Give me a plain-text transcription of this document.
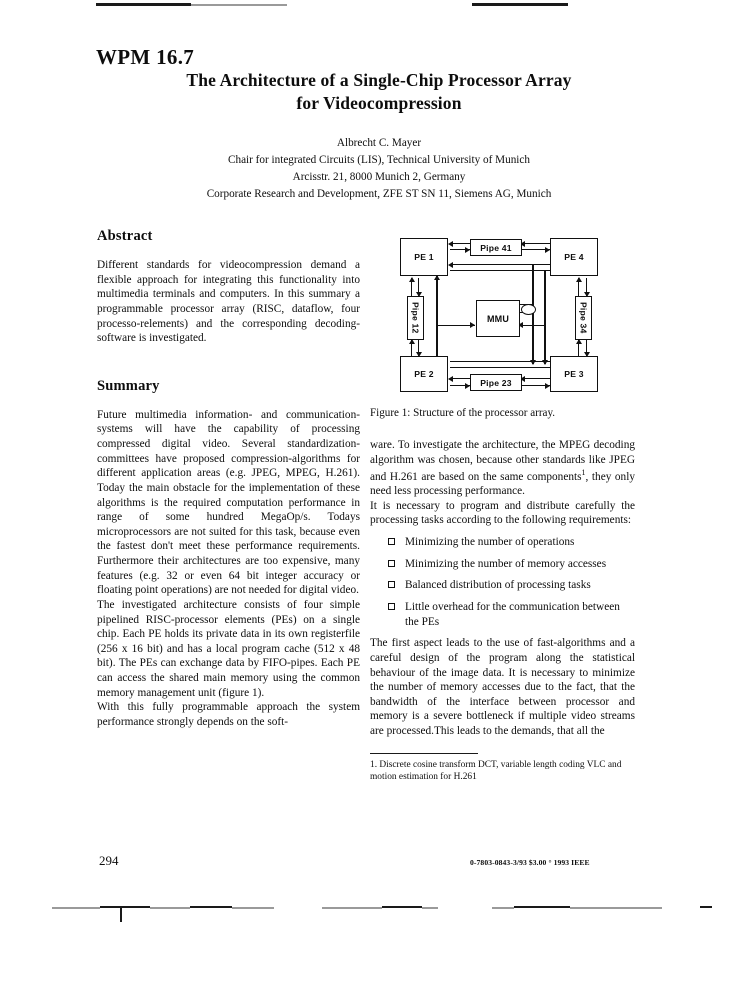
WPM 16.7
The Architecture of a Single-Chip Processor Array
for Videocompression
Albrecht C. Mayer
Chair for integrated Circuits (LIS), Technical University of Munich
Arcisstr. 21, 8000 Munich 2, Germany
Corporate Research and Development, ZFE ST SN 11, Siemens AG, Munich
Abstract

Different standards for videocompression demand a flexible approach for integrating this functionality into multimedia terminals and computers. In this summary a programmable processor array (RISC, dataflow, four processo-relements) and the corresponding decoding-software is investigated.

Summary

Future multimedia information- and communication-systems will have the capability of processing compressed digital video. Several standardization-committees have proposed compression-algorithms for different application areas (e.g. JPEG, MPEG, H.261). Today the main obstacle for the implementation of these algorithms is the required computation performance in range of some hundred MegaOp/s. Todays microprocessors are not suited for this task, because even the fastest don't meet these performance requirements. Furthermore their architectures are too expensive, many features (e.g. 32 or even 64 bit integer accuracy or floating point operations) are not needed for digital video.

The investigated architecture consists of four simple pipelined RISC-processor elements (PEs) on a single chip. Each PE holds its private data in its own registerfile (256 x 16 bit) and has a local program cache (512 x 48 bit). The PEs can exchange data by FIFO-pipes. Each PE can access the shared main memory using the common memory management unit (figure 1).

With this fully programmable approach the system performance strongly depends on the soft-

PE 1	PE 4
PE 2	PE 3
Pipe 41
Pipe 23
Pipe 12	Pipe 34
MMU
Figure 1: Structure of the processor array.

ware. To investigate the architecture, the MPEG decoding algorithm was chosen, because other standards like JPEG and H.261 are based on the same components$^1$, they only need less processing performance.

It is necessary to program and distribute carefully the processing tasks according to the following requirements:

Minimizing the number of operations
Minimizing the number of memory accesses
Balanced distribution of processing tasks
Little overhead for the communication between the PEs

The first aspect leads to the use of fast-algorithms and a careful design of the program along the statistical behaviour of the image data. It is necessary to minimize the number of memory accesses due to the fact, that the bandwidth of the interface between processor and memory is a severe bottleneck if multiple video streams are processed.This leads to the demands, that all the

1. Discrete cosine transform DCT, variable length coding VLC and motion estimation for H.261

294	0-7803-0843-3/93 $3.00 ° 1993 IEEE
